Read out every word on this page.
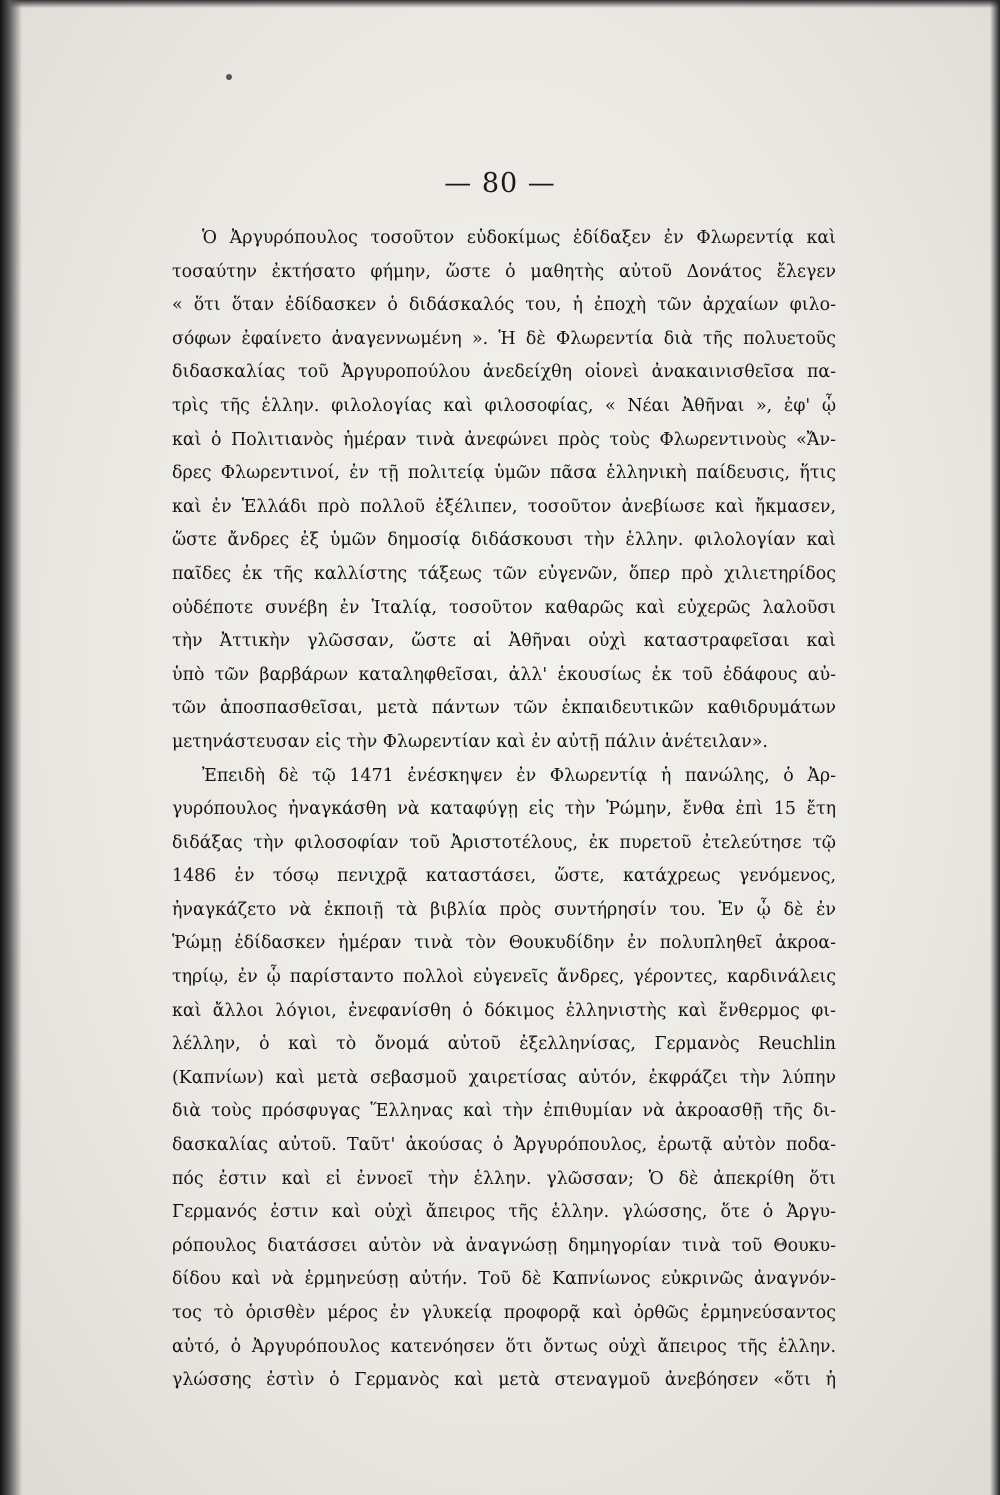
— 80 —
Ὁ Ἀργυρόπουλος τοσοῦτον εὐδοκίμως ἐδίδαξεν ἐν Φλωρεντίᾳ καὶ
τοσαύτην ἐκτήσατο φήμην, ὥστε ὁ μαθητὴς αὐτοῦ Δονάτος ἔλεγεν
« ὅτι ὅταν ἐδίδασκεν ὁ διδάσκαλός του, ἡ ἐποχὴ τῶν ἀρχαίων φιλο-
σόφων ἐφαίνετο ἀναγεννωμένη ». Ἡ δὲ Φλωρεντία διὰ τῆς πολυετοῦς
διδασκαλίας τοῦ Ἀργυροπούλου ἀνεδείχθη οἱονεὶ ἀνακαινισθεῖσα πα-
τρὶς τῆς ἑλλην. φιλολογίας καὶ φιλοσοφίας, « Νέαι Ἀθῆναι », ἐφ' ᾧ
καὶ ὁ Πολιτιανὸς ἡμέραν τινὰ ἀνεφώνει πρὸς τοὺς Φλωρεντινοὺς «Ἄν-
δρες Φλωρεντινοί, ἐν τῇ πολιτείᾳ ὑμῶν πᾶσα ἑλληνικὴ παίδευσις, ἥτις
καὶ ἐν Ἑλλάδι πρὸ πολλοῦ ἐξέλιπεν, τοσοῦτον ἀνεβίωσε καὶ ἤκμασεν,
ὥστε ἄνδρες ἐξ ὑμῶν δημοσίᾳ διδάσκουσι τὴν ἑλλην. φιλολογίαν καὶ
παῖδες ἐκ τῆς καλλίστης τάξεως τῶν εὐγενῶν, ὅπερ πρὸ χιλιετηρίδος
οὐδέποτε συνέβη ἐν Ἰταλίᾳ, τοσοῦτον καθαρῶς καὶ εὐχερῶς λαλοῦσι
τὴν Ἀττικὴν γλῶσσαν, ὥστε αἱ Ἀθῆναι οὐχὶ καταστραφεῖσαι καὶ
ὑπὸ τῶν βαρβάρων καταληφθεῖσαι, ἀλλ' ἑκουσίως ἐκ τοῦ ἐδάφους αὐ-
τῶν ἀποσπασθεῖσαι, μετὰ πάντων τῶν ἐκπαιδευτικῶν καθιδρυμάτων
μετηνάστευσαν εἰς τὴν Φλωρεντίαν καὶ ἐν αὐτῇ πάλιν ἀνέτειλαν».
Ἐπειδὴ δὲ τῷ 1471 ἐνέσκηψεν ἐν Φλωρεντίᾳ ἡ πανώλης, ὁ Ἀρ-
γυρόπουλος ἠναγκάσθη νὰ καταφύγῃ εἰς τὴν Ῥώμην, ἔνθα ἐπὶ 15 ἔτη
διδάξας τὴν φιλοσοφίαν τοῦ Ἀριστοτέλους, ἐκ πυρετοῦ ἐτελεύτησε τῷ
1486 ἐν τόσῳ πενιχρᾷ καταστάσει, ὥστε, κατάχρεως γενόμενος,
ἠναγκάζετο νὰ ἐκποιῇ τὰ βιβλία πρὸς συντήρησίν του. Ἐν ᾧ δὲ ἐν
Ῥώμῃ ἐδίδασκεν ἡμέραν τινὰ τὸν Θουκυδίδην ἐν πολυπληθεῖ ἀκροα-
τηρίῳ, ἐν ᾧ παρίσταντο πολλοὶ εὐγενεῖς ἄνδρες, γέροντες, καρδινάλεις
καὶ ἄλλοι λόγιοι, ἐνεφανίσθη ὁ δόκιμος ἑλληνιστὴς καὶ ἔνθερμος φι-
λέλλην, ὁ καὶ τὸ ὄνομά αὐτοῦ ἐξελληνίσας, Γερμανὸς Reuchlin
(Καπνίων) καὶ μετὰ σεβασμοῦ χαιρετίσας αὐτόν, ἐκφράζει τὴν λύπην
διὰ τοὺς πρόσφυγας Ἕλληνας καὶ τὴν ἐπιθυμίαν νὰ ἀκροασθῇ τῆς δι-
δασκαλίας αὐτοῦ. Ταῦτ' ἀκούσας ὁ Ἀργυρόπουλος, ἐρωτᾷ αὐτὸν ποδα-
πός ἐστιν καὶ εἰ ἐννοεῖ τὴν ἑλλην. γλῶσσαν; Ὁ δὲ ἀπεκρίθη ὅτι
Γερμανός ἐστιν καὶ οὐχὶ ἄπειρος τῆς ἑλλην. γλώσσης, ὅτε ὁ Ἀργυ-
ρόπουλος διατάσσει αὐτὸν νὰ ἀναγνώσῃ δημηγορίαν τινὰ τοῦ Θουκυ-
δίδου καὶ νὰ ἑρμηνεύσῃ αὐτήν. Τοῦ δὲ Καπνίωνος εὐκρινῶς ἀναγνόν-
τος τὸ ὁρισθὲν μέρος ἐν γλυκείᾳ προφορᾷ καὶ ὀρθῶς ἑρμηνεύσαντος
αὐτό, ὁ Ἀργυρόπουλος κατενόησεν ὅτι ὄντως οὐχὶ ἄπειρος τῆς ἑλλην.
γλώσσης ἐστὶν ὁ Γερμανὸς καὶ μετὰ στεναγμοῦ ἀνεβόησεν «ὅτι ἡ
